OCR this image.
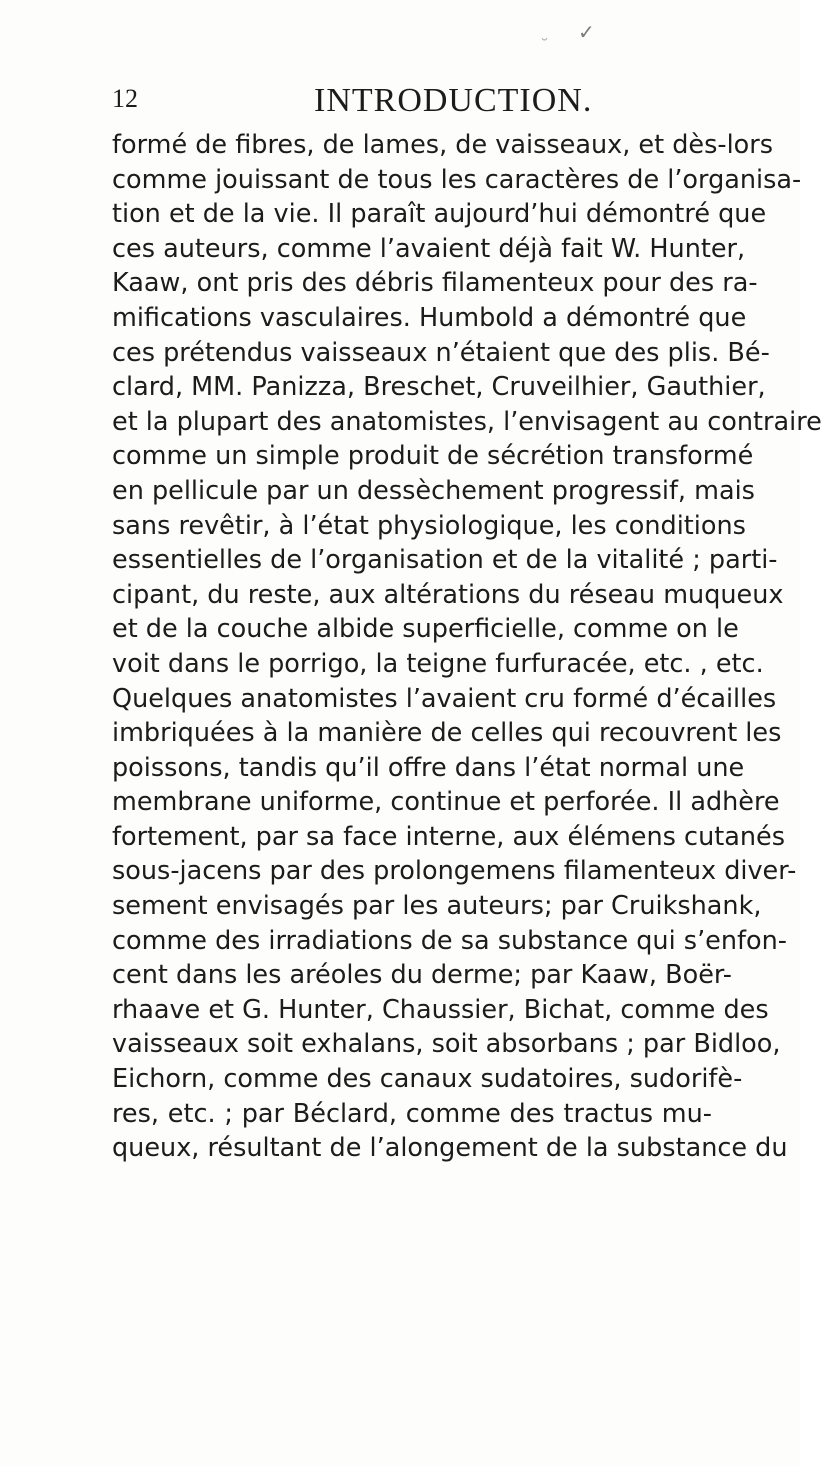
✓
˘
12	INTRODUCTION.
formé de fibres, de lames, de vaisseaux, et dès-lors
comme jouissant de tous les caractères de l’organisa-
tion et de la vie. Il paraît aujourd’hui démontré que
ces auteurs, comme l’avaient déjà fait W. Hunter,
Kaaw, ont pris des débris filamenteux pour des ra-
mifications vasculaires. Humbold a démontré que
ces prétendus vaisseaux n’étaient que des plis. Bé-
clard, MM. Panizza, Breschet, Cruveilhier, Gauthier,
et la plupart des anatomistes, l’envisagent au contraire
comme un simple produit de sécrétion transformé
en pellicule par un dessèchement progressif, mais
sans revêtir, à l’état physiologique, les conditions
essentielles de l’organisation et de la vitalité ; parti-
cipant, du reste, aux altérations du réseau muqueux
et de la couche albide superficielle, comme on le
voit dans le porrigo, la teigne furfuracée, etc. , etc.
Quelques anatomistes l’avaient cru formé d’écailles
imbriquées à la manière de celles qui recouvrent les
poissons, tandis qu’il offre dans l’état normal une
membrane uniforme, continue et perforée. Il adhère
fortement, par sa face interne, aux élémens cutanés
sous-jacens par des prolongemens filamenteux diver-
sement envisagés par les auteurs; par Cruikshank,
comme des irradiations de sa substance qui s’enfon-
cent dans les aréoles du derme; par Kaaw, Boër-
rhaave et G. Hunter, Chaussier, Bichat, comme des
vaisseaux soit exhalans, soit absorbans ; par Bidloo,
Eichorn, comme des canaux sudatoires, sudorifè-
res, etc. ; par Béclard, comme des tractus mu-
queux, résultant de l’alongement de la substance du
